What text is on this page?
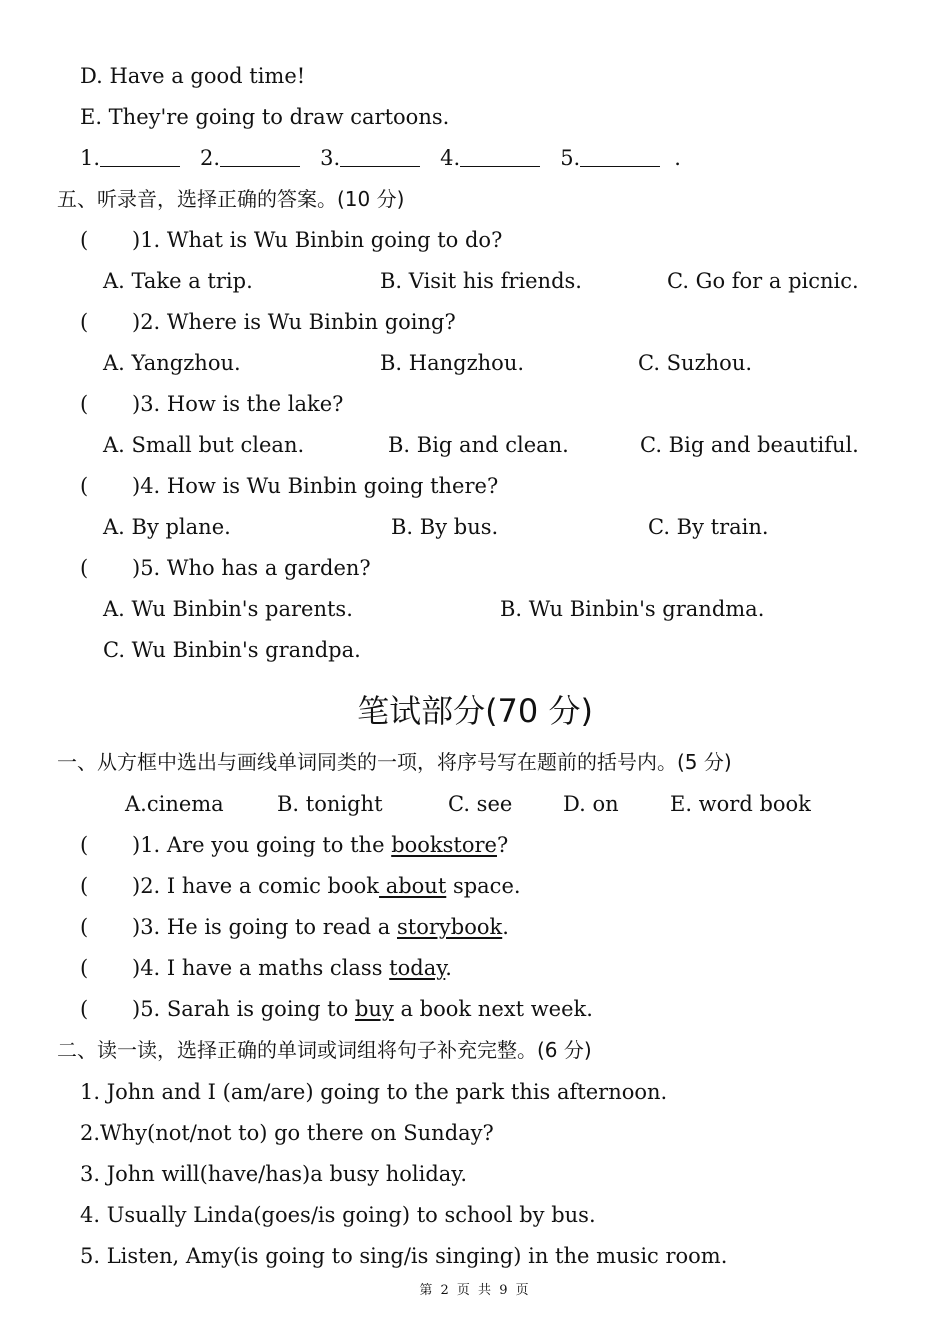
D. Have a good time!
E. They're going to draw cartoons.
1.	2.	3.	4.	5.	.
五、听录音，选择正确的答案。(10 分)
( )1. What is Wu Binbin going to do?
A. Take a trip.	B. Visit his friends.	C. Go for a picnic.
( )2. Where is Wu Binbin going?
A. Yangzhou.	B. Hangzhou.	C. Suzhou.
( )3. How is the lake?
A. Small but clean.	B. Big and clean.	C. Big and beautiful.
( )4. How is Wu Binbin going there?
A. By plane.	B. By bus.	C. By train.
( )5. Who has a garden?
A. Wu Binbin's parents.	B. Wu Binbin's grandma.
C. Wu Binbin's grandpa.
笔试部分(70 分)
一、从方框中选出与画线单词同类的一项，将序号写在题前的括号内。(5 分)
A.cinema	B. tonight	C. see D. on E. word book
( )1. Are you going to the bookstore?
( )2. I have a comic book about space.
( )3. He is going to read a storybook.
( )4. I have a maths class today.
( )5. Sarah is going to buy a book next week.
二、读一读，选择正确的单词或词组将句子补充完整。(6 分)
1. John and I (am/are) going to the park this afternoon.
2.Why(not/not to) go there on Sunday?
3. John will(have/has)a busy holiday.
4. Usually Linda(goes/is going) to school by bus.
5. Listen, Amy(is going to sing/is singing) in the music room.
第 2 页 共 9 页
